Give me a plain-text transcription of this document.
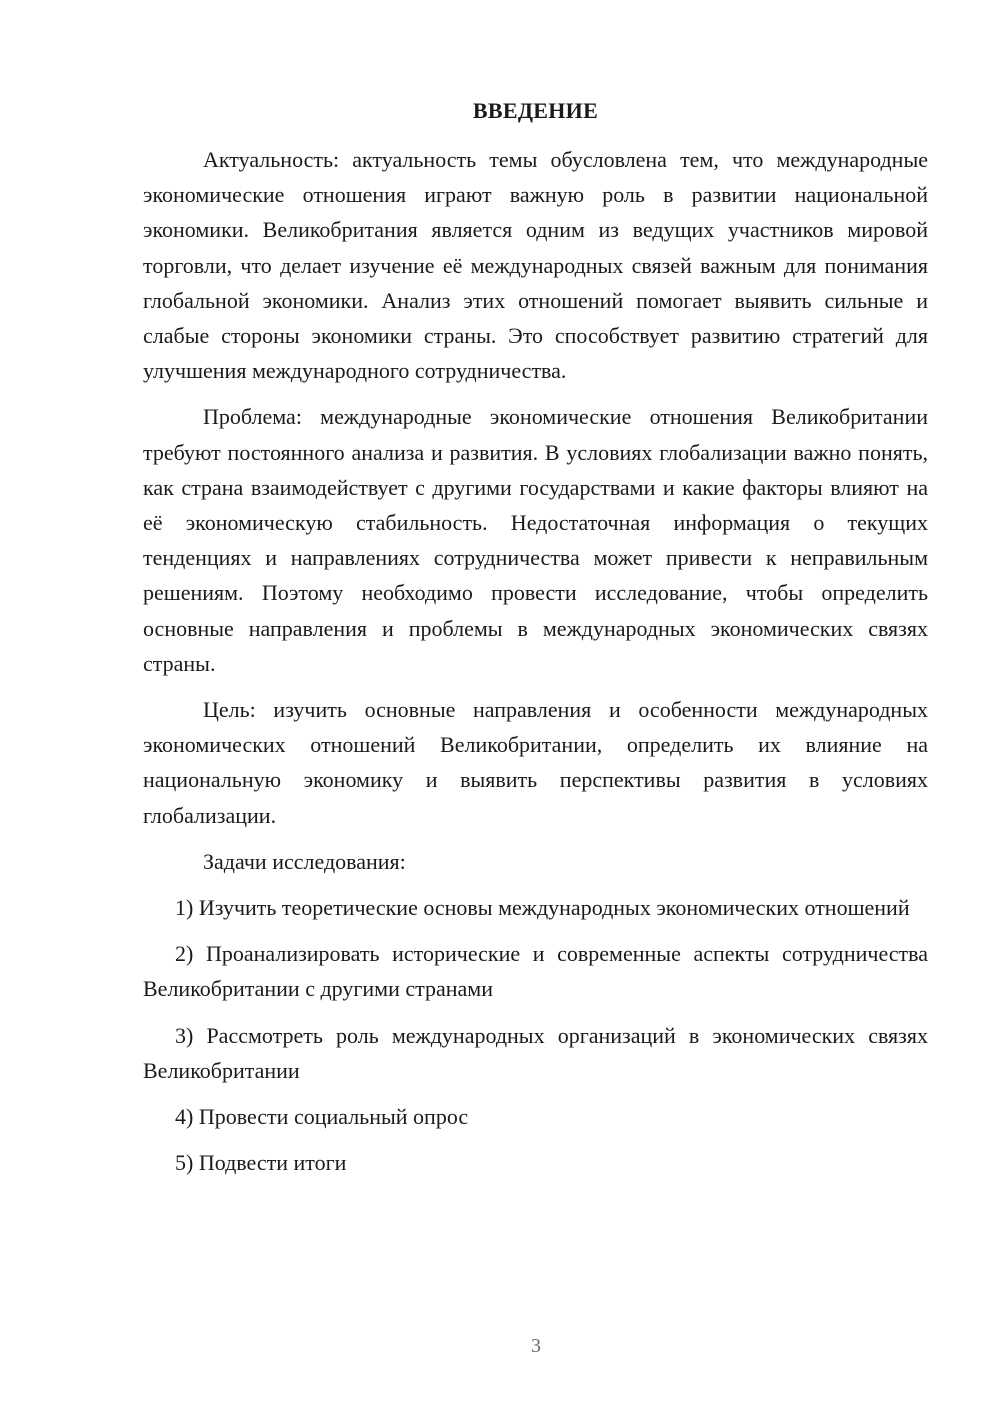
ВВЕДЕНИЕ

Актуальность: актуальность темы обусловлена тем, что международные экономические отношения играют важную роль в развитии национальной экономики. Великобритания является одним из ведущих участников мировой торговли, что делает изучение её международных связей важным для понимания глобальной экономики. Анализ этих отношений помогает выявить сильные и слабые стороны экономики страны. Это способствует развитию стратегий для улучшения международного сотрудничества.

Проблема: международные экономические отношения Великобритании требуют постоянного анализа и развития. В условиях глобализации важно понять, как страна взаимодействует с другими государствами и какие факторы влияют на её экономическую стабильность. Недостаточная информация о текущих тенденциях и направлениях сотрудничества может привести к неправильным решениям. Поэтому необходимо провести исследование, чтобы определить основные направления и проблемы в международных экономических связях страны.

Цель: изучить основные направления и особенности международных экономических отношений Великобритании, определить их влияние на национальную экономику и выявить перспективы развития в условиях глобализации.

Задачи исследования:

1) Изучить теоретические основы международных экономических отношений

2) Проанализировать исторические и современные аспекты сотрудничества Великобритании с другими странами

3) Рассмотреть роль международных организаций в экономических связях Великобритании

4) Провести социальный опрос

5) Подвести итоги

3
